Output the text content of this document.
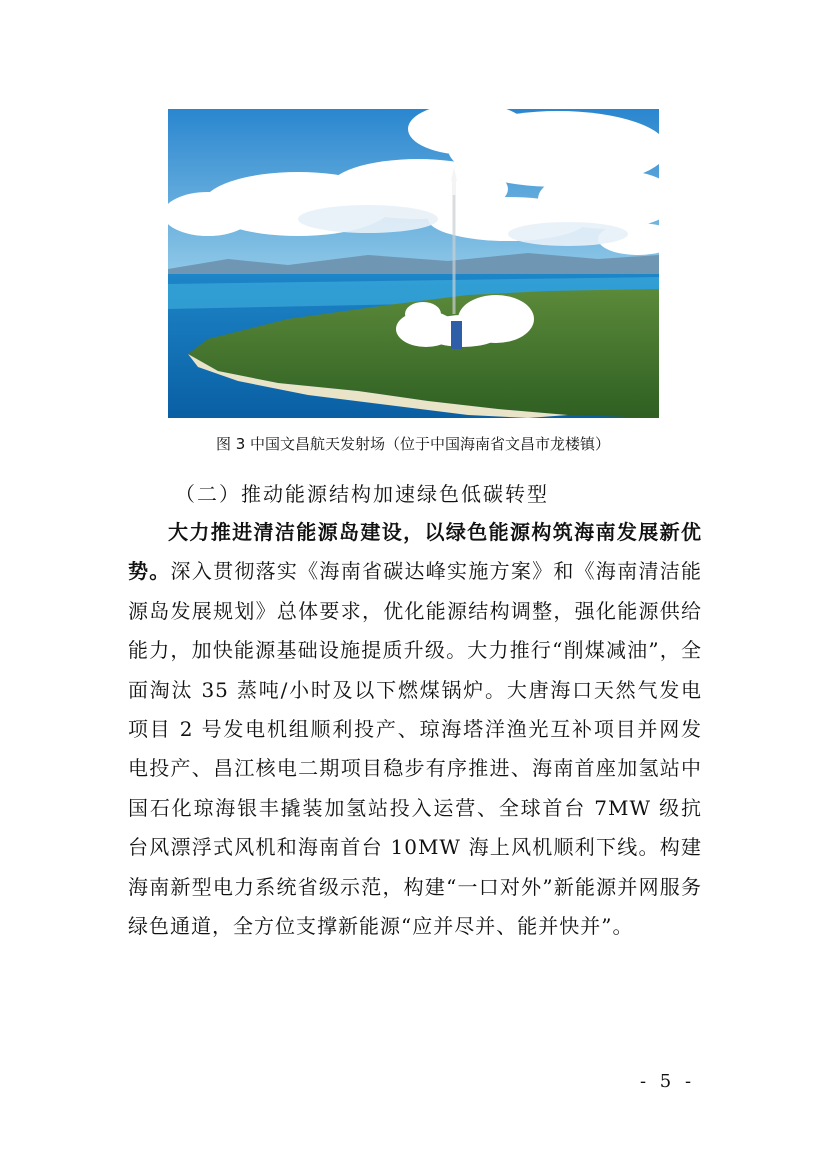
图 3 中国文昌航天发射场（位于中国海南省文昌市龙楼镇）
（二）推动能源结构加速绿色低碳转型

大力推进清洁能源岛建设，以绿色能源构筑海南发展新优势。深入贯彻落实《海南省碳达峰实施方案》和《海南清洁能源岛发展规划》总体要求，优化能源结构调整，强化能源供给能力，加快能源基础设施提质升级。大力推行“削煤减油”，全面淘汰 35 蒸吨/小时及以下燃煤锅炉。大唐海口天然气发电项目 2 号发电机组顺利投产、琼海塔洋渔光互补项目并网发电投产、昌江核电二期项目稳步有序推进、海南首座加氢站中国石化琼海银丰撬装加氢站投入运营、全球首台 7MW 级抗台风漂浮式风机和海南首台 10MW 海上风机顺利下线。构建海南新型电力系统省级示范，构建“一口对外”新能源并网服务绿色通道，全方位支撑新能源“应并尽并、能并快并”。

- 5 -
